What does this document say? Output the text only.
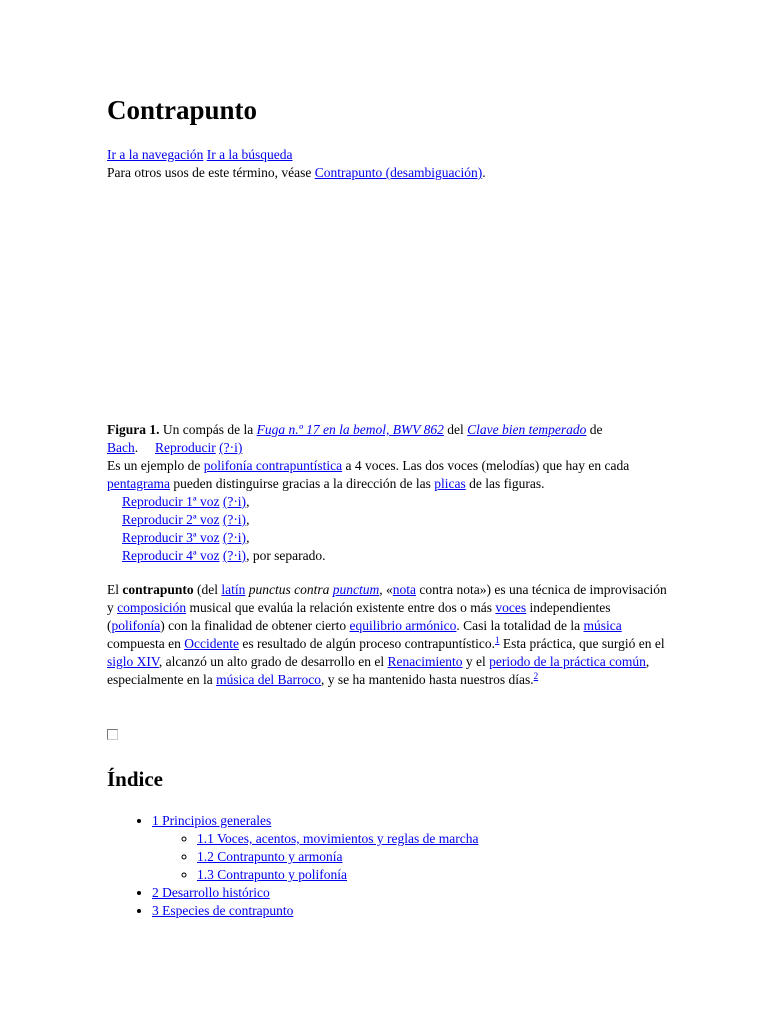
Contrapunto
Ir a la navegación Ir a la búsqueda
Para otros usos de este término, véase Contrapunto (desambiguación).
Figura 1. Un compás de la Fuga n.º 17 en la bemol, BWV 862 del Clave bien temperado de
Bach. Reproducir (?·i)
Es un ejemplo de polifonía contrapuntística a 4 voces. Las dos voces (melodías) que hay en cada pentagrama pueden distinguirse gracias a la dirección de las plicas de las figuras.

Reproducir 1ª voz (?·i),
Reproducir 2ª voz (?·i),
Reproducir 3ª voz (?·i),
Reproducir 4ª voz (?·i), por separado.
El contrapunto (del latín punctus contra punctum, «nota contra nota») es una técnica de improvisación y composición musical que evalúa la relación existente entre dos o más voces independientes (polifonía) con la finalidad de obtener cierto equilibrio armónico. Casi la totalidad de la música compuesta en Occidente es resultado de algún proceso contrapuntístico.$^1$ Esta práctica, que surgió en el siglo XIV, alcanzó un alto grado de desarrollo en el Renacimiento y el periodo de la práctica común, especialmente en la música del Barroco, y se ha mantenido hasta nuestros días.$^2$
Índice
• 1 Principios generales
◦ 1.1 Voces, acentos, movimientos y reglas de marcha
◦ 1.2 Contrapunto y armonía
◦ 1.3 Contrapunto y polifonía
• 2 Desarrollo histórico
• 3 Especies de contrapunto
